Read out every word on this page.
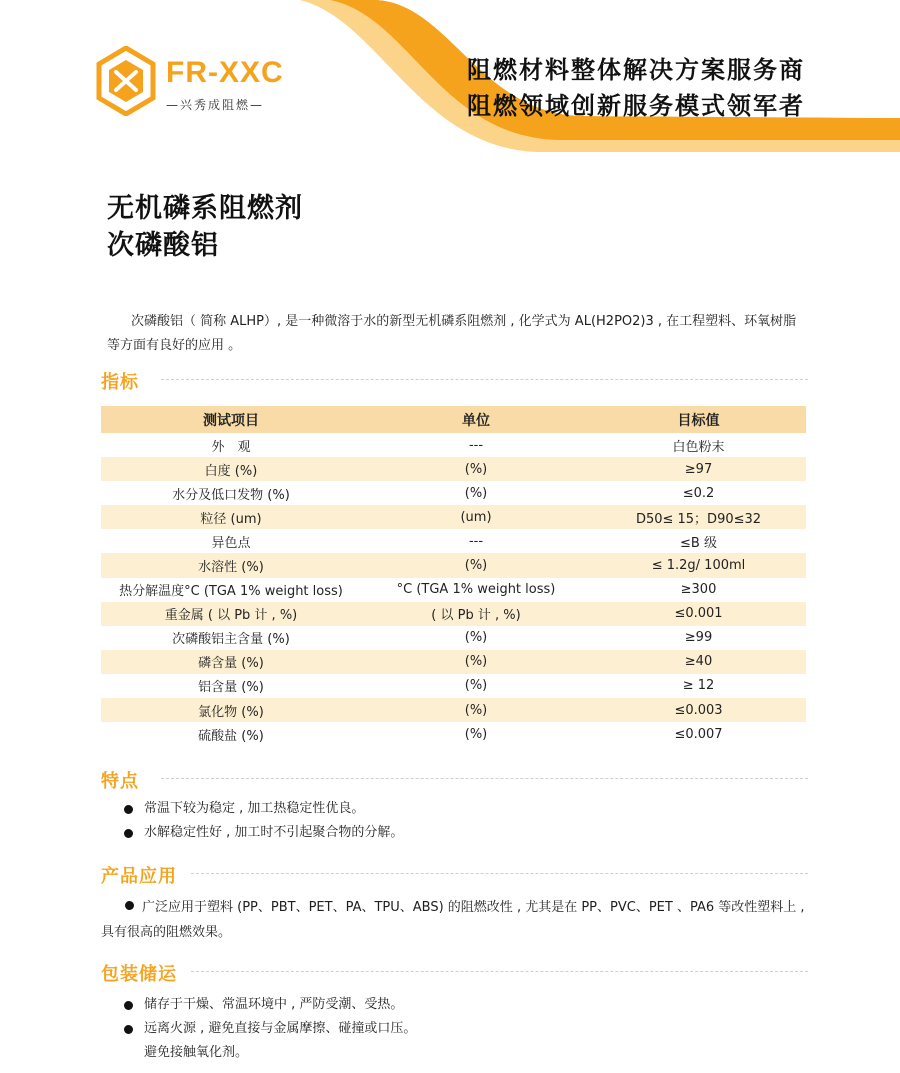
FR-XXC
—兴秀成阻燃—
阻燃材料整体解决方案服务商
阻燃领域创新服务模式领军者
无机磷系阻燃剂
次磷酸铝

次磷酸铝（ 简称 ALHP）, 是一种微溶于水的新型无机磷系阻燃剂 , 化学式为 AL(H2PO2)3 , 在工程塑料、环氧树脂等方面有良好的应用 。

指标
测试项目	单位	目标值
外　观	---	白色粉末
白度 (%)	(%)	≥97
水分及低口发物 (%)	(%)	≤0.2
粒径 (um)	(um)	D50≤ 15；D90≤32
异色点	---	≤B 级
水溶性 (%)	(%)	≤ 1.2g/ 100ml
热分解温度°C (TGA 1% weight loss)	°C (TGA 1% weight loss)	≥300
重金属 ( 以 Pb 计 , %)	( 以 Pb 计 , %)	≤0.001
次磷酸铝主含量 (%)	(%)	≥99
磷含量 (%)	(%)	≥40
铝含量 (%)	(%)	≥ 12
氯化物 (%)	(%)	≤0.003
硫酸盐 (%)	(%)	≤0.007
特点
常温下较为稳定 , 加工热稳定性优良。
水解稳定性好 , 加工时不引起聚合物的分解。
产品应用

广泛应用于塑料 (PP、PBT、PET、PA、TPU、ABS) 的阻燃改性 , 尤其是在 PP、PVC、PET 、PA6 等改性塑料上 , 具有很高的阻燃效果。

包装储运
储存于干燥、常温环境中 , 严防受潮、受热。
远离火源 , 避免直接与金属摩擦、碰撞或口压。
避免接触氧化剂。
